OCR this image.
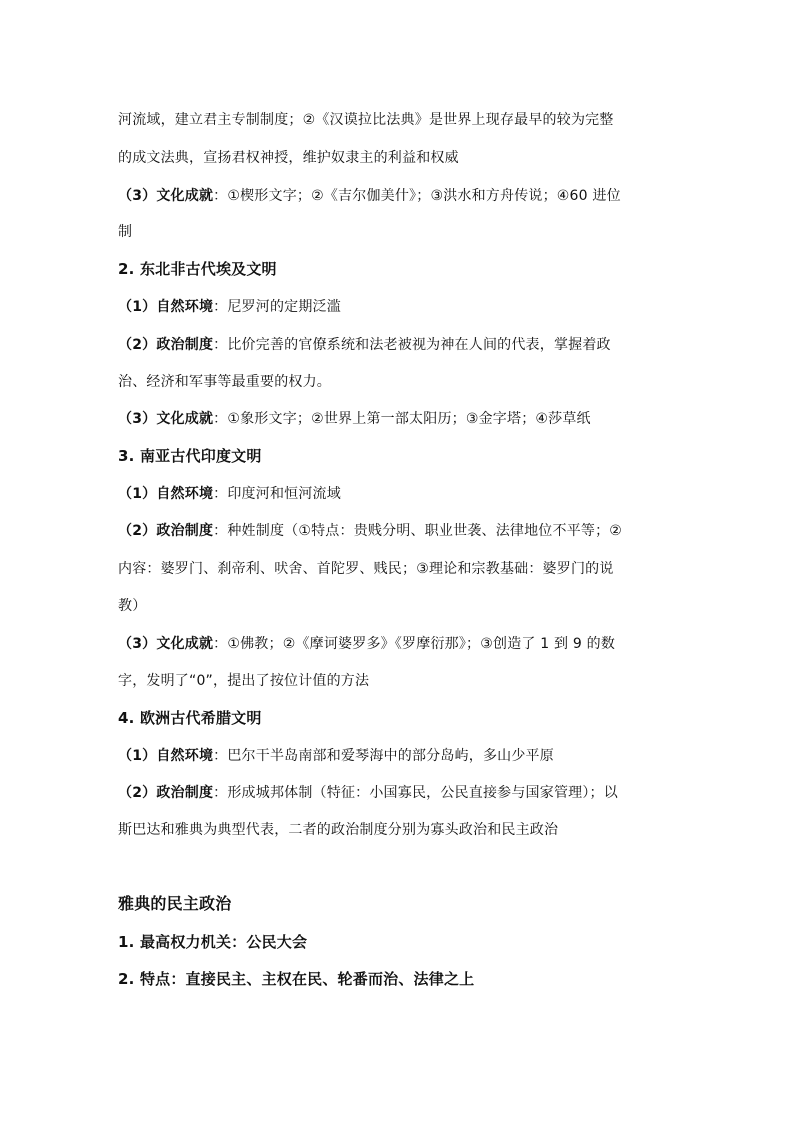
河流域，建立君主专制制度；②《汉谟拉比法典》是世界上现存最早的较为完整
的成文法典，宣扬君权神授，维护奴隶主的利益和权威
（3）文化成就：①楔形文字；②《吉尔伽美什》；③洪水和方舟传说；④60 进位
制
2. 东北非古代埃及文明
（1）自然环境：尼罗河的定期泛滥
（2）政治制度：比价完善的官僚系统和法老被视为神在人间的代表，掌握着政
治、经济和军事等最重要的权力。
（3）文化成就：①象形文字；②世界上第一部太阳历；③金字塔；④莎草纸
3. 南亚古代印度文明
（1）自然环境：印度河和恒河流域
（2）政治制度：种姓制度（①特点：贵贱分明、职业世袭、法律地位不平等；②
内容：婆罗门、刹帝利、吠舍、首陀罗、贱民；③理论和宗教基础：婆罗门的说
教）
（3）文化成就：①佛教；②《摩诃婆罗多》《罗摩衍那》；③创造了 1 到 9 的数
字，发明了“0”，提出了按位计值的方法
4. 欧洲古代希腊文明
（1）自然环境：巴尔干半岛南部和爱琴海中的部分岛屿，多山少平原
（2）政治制度：形成城邦体制（特征：小国寡民，公民直接参与国家管理）；以
斯巴达和雅典为典型代表，二者的政治制度分别为寡头政治和民主政治
雅典的民主政治
1. 最高权力机关：公民大会
2. 特点：直接民主、主权在民、轮番而治、法律之上
